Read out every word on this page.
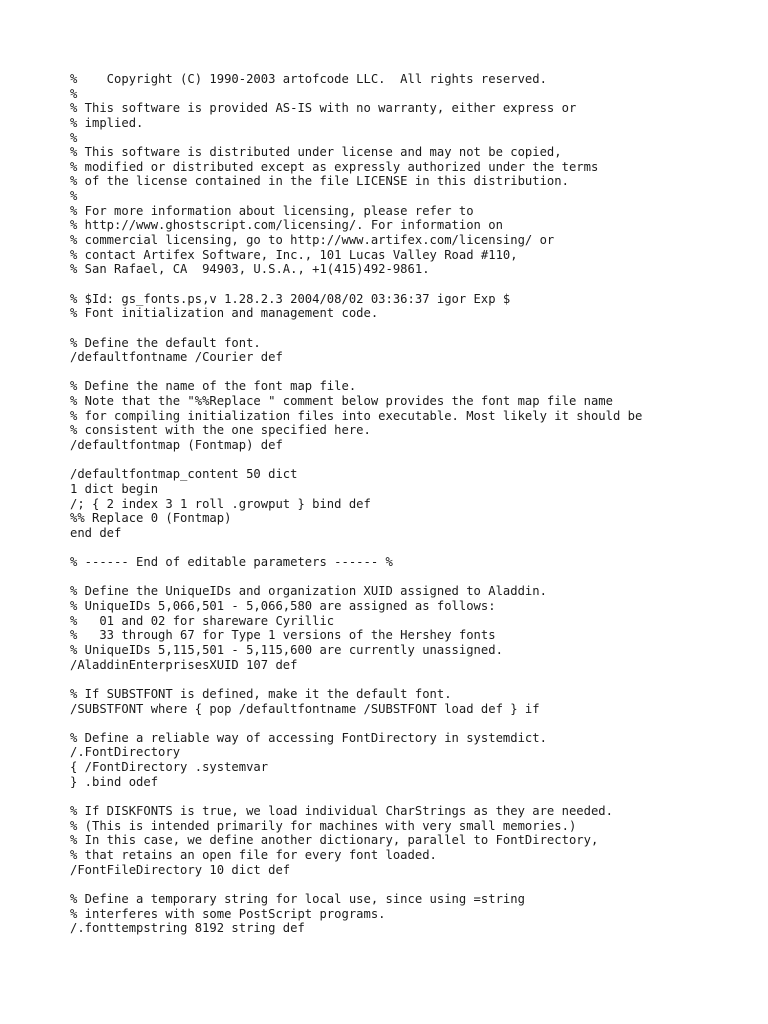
%    Copyright (C) 1990-2003 artofcode LLC.  All rights reserved.
%
% This software is provided AS-IS with no warranty, either express or
% implied.
%
% This software is distributed under license and may not be copied,
% modified or distributed except as expressly authorized under the terms
% of the license contained in the file LICENSE in this distribution.
%
% For more information about licensing, please refer to
% http://www.ghostscript.com/licensing/. For information on
% commercial licensing, go to http://www.artifex.com/licensing/ or
% contact Artifex Software, Inc., 101 Lucas Valley Road #110,
% San Rafael, CA  94903, U.S.A., +1(415)492-9861.
% $Id: gs_fonts.ps,v 1.28.2.3 2004/08/02 03:36:37 igor Exp $
% Font initialization and management code.
% Define the default font.
/defaultfontname /Courier def
% Define the name of the font map file.
% Note that the "%%Replace " comment below provides the font map file name
% for compiling initialization files into executable. Most likely it should be
% consistent with the one specified here.
/defaultfontmap (Fontmap) def
/defaultfontmap_content 50 dict
1 dict begin
/; { 2 index 3 1 roll .growput } bind def
%% Replace 0 (Fontmap)
end def
% ------ End of editable parameters ------ %
% Define the UniqueIDs and organization XUID assigned to Aladdin.
% UniqueIDs 5,066,501 - 5,066,580 are assigned as follows:
%   01 and 02 for shareware Cyrillic
%   33 through 67 for Type 1 versions of the Hershey fonts
% UniqueIDs 5,115,501 - 5,115,600 are currently unassigned.
/AladdinEnterprisesXUID 107 def
% If SUBSTFONT is defined, make it the default font.
/SUBSTFONT where { pop /defaultfontname /SUBSTFONT load def } if
% Define a reliable way of accessing FontDirectory in systemdict.
/.FontDirectory
{ /FontDirectory .systemvar
} .bind odef
% If DISKFONTS is true, we load individual CharStrings as they are needed.
% (This is intended primarily for machines with very small memories.)
% In this case, we define another dictionary, parallel to FontDirectory,
% that retains an open file for every font loaded.
/FontFileDirectory 10 dict def
% Define a temporary string for local use, since using =string
% interferes with some PostScript programs.
/.fonttempstring 8192 string def
